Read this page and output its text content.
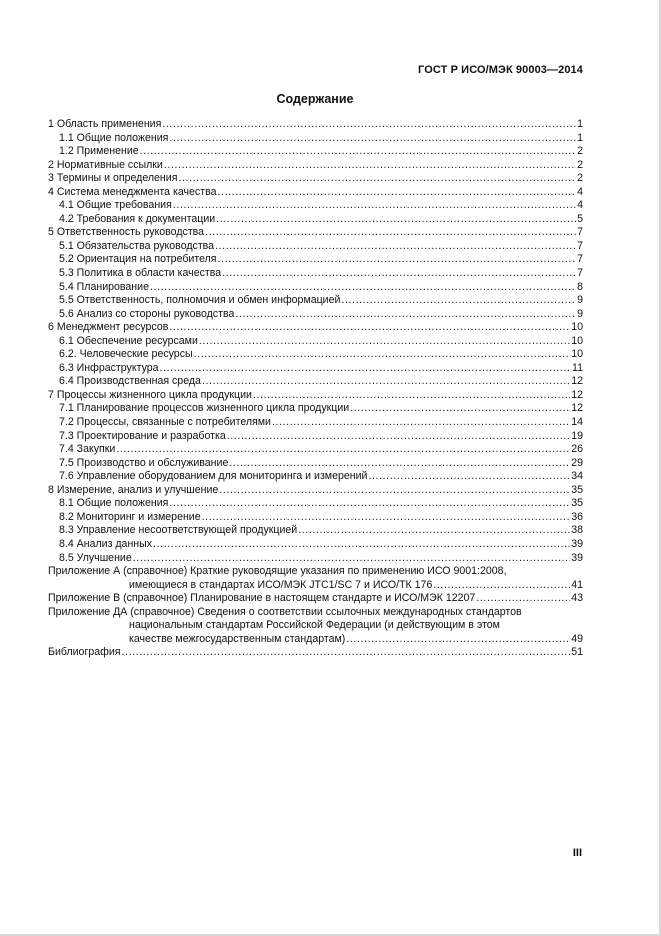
ГОСТ Р ИСО/МЭК 90003—2014
Содержание
1 Область применения .....	1
1.1 Общие положения .....	1
1.2 Применение .....	2
2 Нормативные ссылки .....	2
3 Термины и определения .....	2
4 Система менеджмента качества .....	4
4.1 Общие требования .....	4
4.2 Требования к документации .....	5
5 Ответственность руководства .....	7
5.1 Обязательства руководства .....	7
5.2 Ориентация на потребителя .....	7
5.3 Политика в области качества .....	7
5.4 Планирование .....	8
5.5 Ответственность, полномочия и обмен информацией .....	9
5.6 Анализ со стороны руководства .....	9
6 Менеджмент ресурсов .....	10
6.1 Обеспечение ресурсами .....	10
6.2. Человеческие ресурсы .....	10
6.3 Инфраструктура .....	11
6.4 Производственная среда .....	12
7 Процессы жизненного цикла продукции .....	12
7.1 Планирование процессов жизненного цикла продукции .....	12
7.2 Процессы, связанные с потребителями .....	14
7.3 Проектирование и разработка .....	19
7.4 Закупки .....	26
7.5 Производство и обслуживание .....	29
7.6 Управление оборудованием для мониторинга и измерений .....	34
8 Измерение, анализ и улучшение .....	35
8.1 Общие положения .....	35
8.2 Мониторинг и измерение .....	36
8.3 Управление несоответствующей продукцией .....	38
8.4 Анализ данных .....	39
8.5 Улучшение .....	39
Приложение А (справочное) Краткие руководящие указания по применению ИСО 9001:2008,
имеющиеся в стандартах ИСО/МЭК JTC1/SC 7 и ИСО/ТК 176 .....	41
Приложение В (справочное) Планирование в настоящем стандарте и ИСО/МЭК 12207 .....	43
Приложение ДА (справочное) Сведения о соответствии ссылочных международных стандартов
национальным стандартам Российской Федерации (и действующим в этом
качестве межгосударственным стандартам) .....	49
Библиография .....	51
III
